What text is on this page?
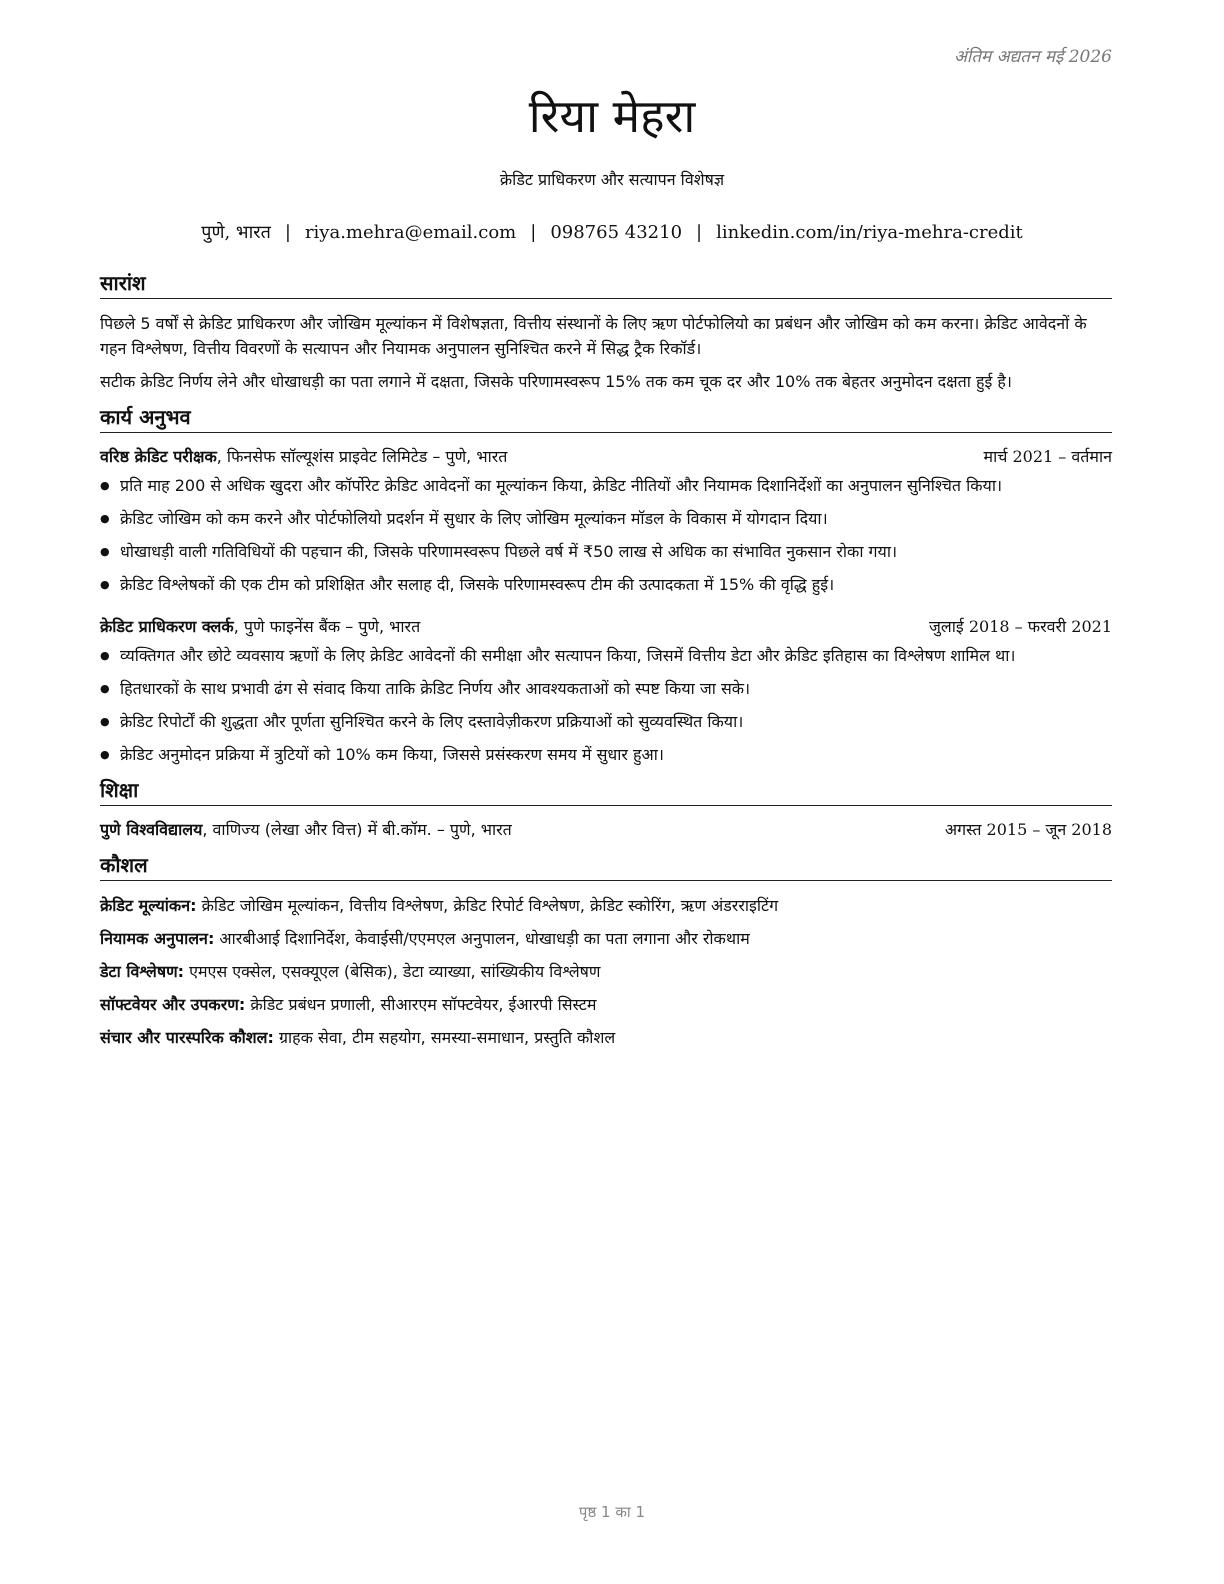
अंतिम अद्यतन मई 2026
रिया मेहरा
क्रेडिट प्राधिकरण और सत्यापन विशेषज्ञ
पुणे, भारत | riya.mehra@email.com | 098765 43210 | linkedin.com/in/riya-mehra-credit
सारांश

पिछले 5 वर्षों से क्रेडिट प्राधिकरण और जोखिम मूल्यांकन में विशेषज्ञता, वित्तीय संस्थानों के लिए ऋण पोर्टफोलियो का प्रबंधन और जोखिम को कम करना। क्रेडिट आवेदनों के गहन विश्लेषण, वित्तीय विवरणों के सत्यापन और नियामक अनुपालन सुनिश्चित करने में सिद्ध ट्रैक रिकॉर्ड।

सटीक क्रेडिट निर्णय लेने और धोखाधड़ी का पता लगाने में दक्षता, जिसके परिणामस्वरूप 15% तक कम चूक दर और 10% तक बेहतर अनुमोदन दक्षता हुई है।

कार्य अनुभव
वरिष्ठ क्रेडिट परीक्षक, फिनसेफ सॉल्यूशंस प्राइवेट लिमिटेड – पुणे, भारत	मार्च 2021 – वर्तमान
● प्रति माह 200 से अधिक खुदरा और कॉर्पोरेट क्रेडिट आवेदनों का मूल्यांकन किया, क्रेडिट नीतियों और नियामक दिशानिर्देशों का अनुपालन सुनिश्चित किया।
● क्रेडिट जोखिम को कम करने और पोर्टफोलियो प्रदर्शन में सुधार के लिए जोखिम मूल्यांकन मॉडल के विकास में योगदान दिया।
● धोखाधड़ी वाली गतिविधियों की पहचान की, जिसके परिणामस्वरूप पिछले वर्ष में ₹50 लाख से अधिक का संभावित नुकसान रोका गया।
● क्रेडिट विश्लेषकों की एक टीम को प्रशिक्षित और सलाह दी, जिसके परिणामस्वरूप टीम की उत्पादकता में 15% की वृद्धि हुई।
क्रेडिट प्राधिकरण क्लर्क, पुणे फाइनेंस बैंक – पुणे, भारत	जुलाई 2018 – फरवरी 2021
● व्यक्तिगत और छोटे व्यवसाय ऋणों के लिए क्रेडिट आवेदनों की समीक्षा और सत्यापन किया, जिसमें वित्तीय डेटा और क्रेडिट इतिहास का विश्लेषण शामिल था।
● हितधारकों के साथ प्रभावी ढंग से संवाद किया ताकि क्रेडिट निर्णय और आवश्यकताओं को स्पष्ट किया जा सके।
● क्रेडिट रिपोर्टों की शुद्धता और पूर्णता सुनिश्चित करने के लिए दस्तावेज़ीकरण प्रक्रियाओं को सुव्यवस्थित किया।
● क्रेडिट अनुमोदन प्रक्रिया में त्रुटियों को 10% कम किया, जिससे प्रसंस्करण समय में सुधार हुआ।
शिक्षा
पुणे विश्वविद्यालय, वाणिज्य (लेखा और वित्त) में बी.कॉम. – पुणे, भारत	अगस्त 2015 – जून 2018
कौशल
क्रेडिट मूल्यांकन: क्रेडिट जोखिम मूल्यांकन, वित्तीय विश्लेषण, क्रेडिट रिपोर्ट विश्लेषण, क्रेडिट स्कोरिंग, ऋण अंडरराइटिंग
नियामक अनुपालन: आरबीआई दिशानिर्देश, केवाईसी/एएमएल अनुपालन, धोखाधड़ी का पता लगाना और रोकथाम
डेटा विश्लेषण: एमएस एक्सेल, एसक्यूएल (बेसिक), डेटा व्याख्या, सांख्यिकीय विश्लेषण
सॉफ्टवेयर और उपकरण: क्रेडिट प्रबंधन प्रणाली, सीआरएम सॉफ्टवेयर, ईआरपी सिस्टम
संचार और पारस्परिक कौशल: ग्राहक सेवा, टीम सहयोग, समस्या-समाधान, प्रस्तुति कौशल
पृष्ठ 1 का 1
